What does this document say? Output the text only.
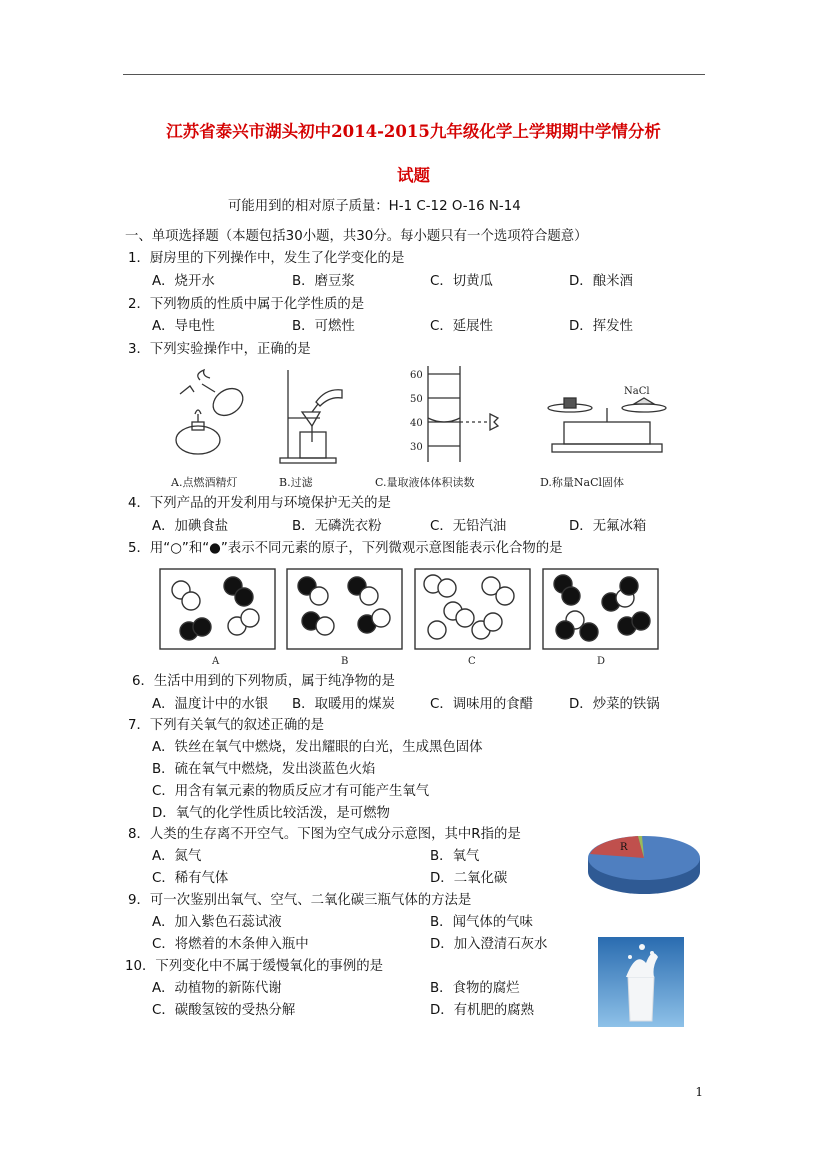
江苏省泰兴市湖头初中2014-2015九年级化学上学期期中学情分析
试题
可能用到的相对原子质量：H-1 C-12 O-16 N-14
一、单项选择题（本题包括30小题，共30分。每小题只有一个选项符合题意）
1．厨房里的下列操作中，发生了化学变化的是
A．烧开水	B．磨豆浆	C．切黄瓜	D．酿米酒
2．下列物质的性质中属于化学性质的是
A．导电性	B．可燃性	C．延展性	D．挥发性
3．下列实验操作中，正确的是
60
50
40
30
NaCl
A.点燃酒精灯	B.过滤	C.量取液体体积读数	D.称量NaCl固体
4．下列产品的开发利用与环境保护无关的是
A．加碘食盐	B．无磷洗衣粉	C．无铅汽油	D．无氟冰箱
5．用“○”和“●”表示不同元素的原子，下列微观示意图能表示化合物的是
A	B	C	D
6．生活中用到的下列物质，属于纯净物的是
A．温度计中的水银 B．取暖用的煤炭	C．调味用的食醋	D．炒菜的铁锅
7．下列有关氧气的叙述正确的是
A．铁丝在氧气中燃烧，发出耀眼的白光，生成黑色固体
B．硫在氧气中燃烧，发出淡蓝色火焰
C．用含有氧元素的物质反应才有可能产生氧气
D．氧气的化学性质比较活泼，是可燃物
8．人类的生存离不开空气。下图为空气成分示意图，其中R指的是
A．氮气	B．氧气
C．稀有气体	D．二氧化碳
R
9．可一次鉴别出氧气、空气、二氧化碳三瓶气体的方法是
A．加入紫色石蕊试液	B．闻气体的气味
C．将燃着的木条伸入瓶中	D．加入澄清石灰水
10．下列变化中不属于缓慢氧化的事例的是
A．动植物的新陈代谢	B．食物的腐烂
C．碳酸氢铵的受热分解	D．有机肥的腐熟
1
